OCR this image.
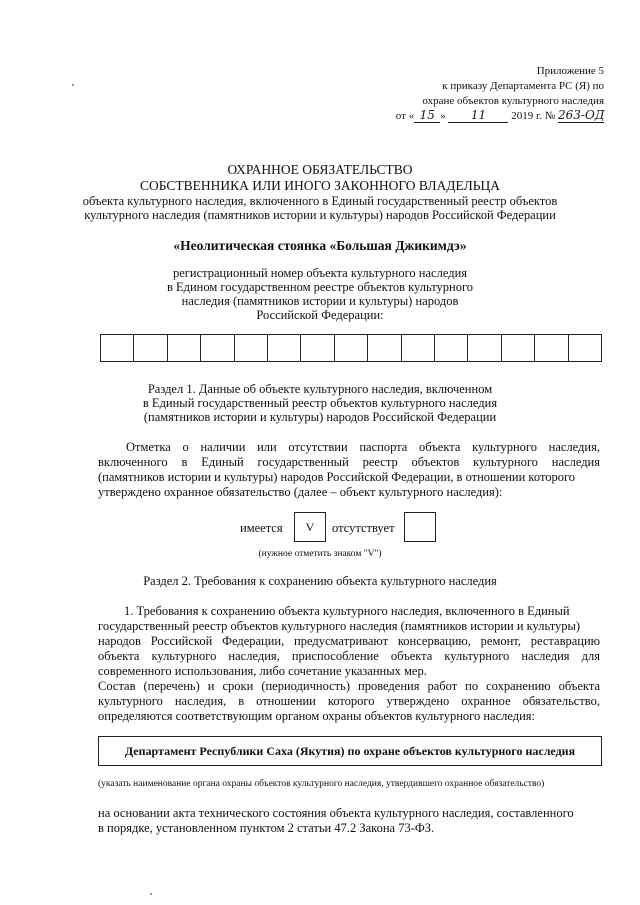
Приложение 5
к приказу Департамента РС (Я) по
охране объектов культурного наследия
от « 15 » 11 2019 г. № 263-ОД
ОХРАННОЕ ОБЯЗАТЕЛЬСТВО
СОБСТВЕННИКА ИЛИ ИНОГО ЗАКОННОГО ВЛАДЕЛЬЦА
объекта культурного наследия, включенного в Единый государственный реестр объектов
культурного наследия (памятников истории и культуры) народов Российской Федерации
«Неолитическая стоянка «Большая Джикимдэ»
регистрационный номер объекта культурного наследия
в Едином государственном реестре объектов культурного
наследия (памятников истории и культуры) народов
Российской Федерации:
Раздел 1. Данные об объекте культурного наследия, включенном
в Единый государственный реестр объектов культурного наследия
(памятников истории и культуры) народов Российской Федерации
Отметка о наличии или отсутствии паспорта объекта культурного наследия,
включенного в Единый государственный реестр объектов культурного наследия
(памятников истории и культуры) народов Российской Федерации, в отношении которого
утверждено охранное обязательство (далее – объект культурного наследия):
имеется	V	отсутствует
(нужное отметить знаком "V")
Раздел 2. Требования к сохранению объекта культурного наследия
1. Требования к сохранению объекта культурного наследия, включенного в Единый
государственный реестр объектов культурного наследия (памятников истории и культуры)
народов Российской Федерации, предусматривают консервацию, ремонт, реставрацию
объекта культурного наследия, приспособление объекта культурного наследия для
современного использования, либо сочетание указанных мер.
Состав (перечень) и сроки (периодичность) проведения работ по сохранению объекта
культурного наследия, в отношении которого утверждено охранное обязательство,
определяются соответствующим органом охраны объектов культурного наследия:
Департамент Республики Саха (Якутия) по охране объектов культурного наследия
(указать наименование органа охраны объектов культурного наследия, утвердившего охранное обязательство)
на основании акта технического состояния объекта культурного наследия, составленного
в порядке, установленном пунктом 2 статьи 47.2 Закона 73-ФЗ.
